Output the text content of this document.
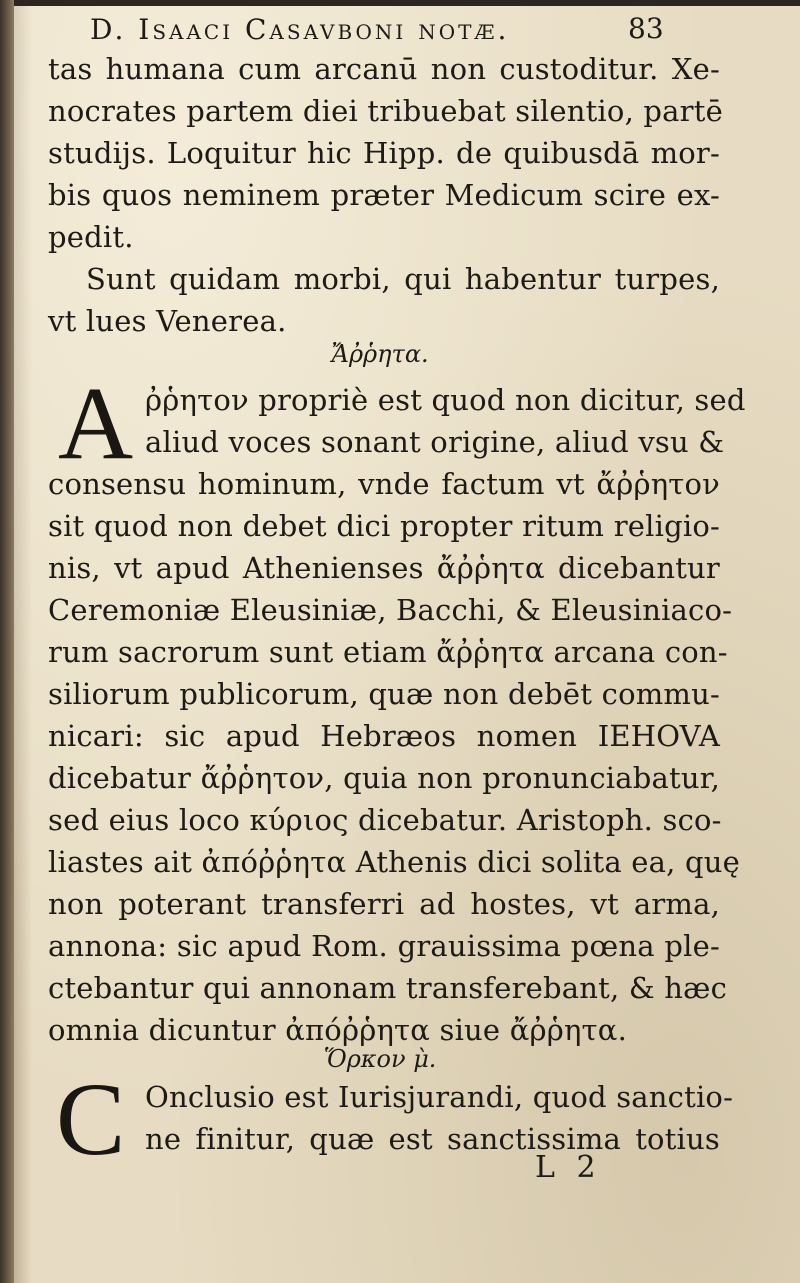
D. Isaaci Casavboni notæ.	83
tas humana cum arcanū non custoditur. Xe-
nocrates partem diei tribuebat silentio, partē
studijs. Loquitur hic Hipp. de quibusdā mor-
bis quos neminem præter Medicum scire ex-
pedit.
Sunt quidam morbi, qui habentur turpes,
vt lues Venerea.
Ἄῤῥητα.
A ῤῥητον propriè est quod non dicitur, sed
aliud voces sonant origine, aliud vsu &
consensu hominum, vnde factum vt ἄῤῥητον
sit quod non debet dici propter ritum religio-
nis, vt apud Athenienses ἄῤῥητα dicebantur
Ceremoniæ Eleusiniæ, Bacchi, & Eleusiniaco-
rum sacrorum sunt etiam ἄῤῥητα arcana con-
siliorum publicorum, quæ non debēt commu-
nicari: sic apud Hebræos nomen IEHOVA
dicebatur ἄῤῥητον, quia non pronunciabatur,
sed eius loco κύριος dicebatur. Aristoph. sco-
liastes ait ἀπόῤῥητα Athenis dici solita ea, quę
non poterant transferri ad hostes, vt arma,
annona: sic apud Rom. grauissima pœna ple-
ctebantur qui annonam transferebant, & hæc
omnia dicuntur ἀπόῤῥητα siue ἄῤῥητα.
Ὅρκον μ̀.
C Onclusio est Iurisjurandi, quod sanctio-
ne finitur, quæ est sanctissima totius
L 2
